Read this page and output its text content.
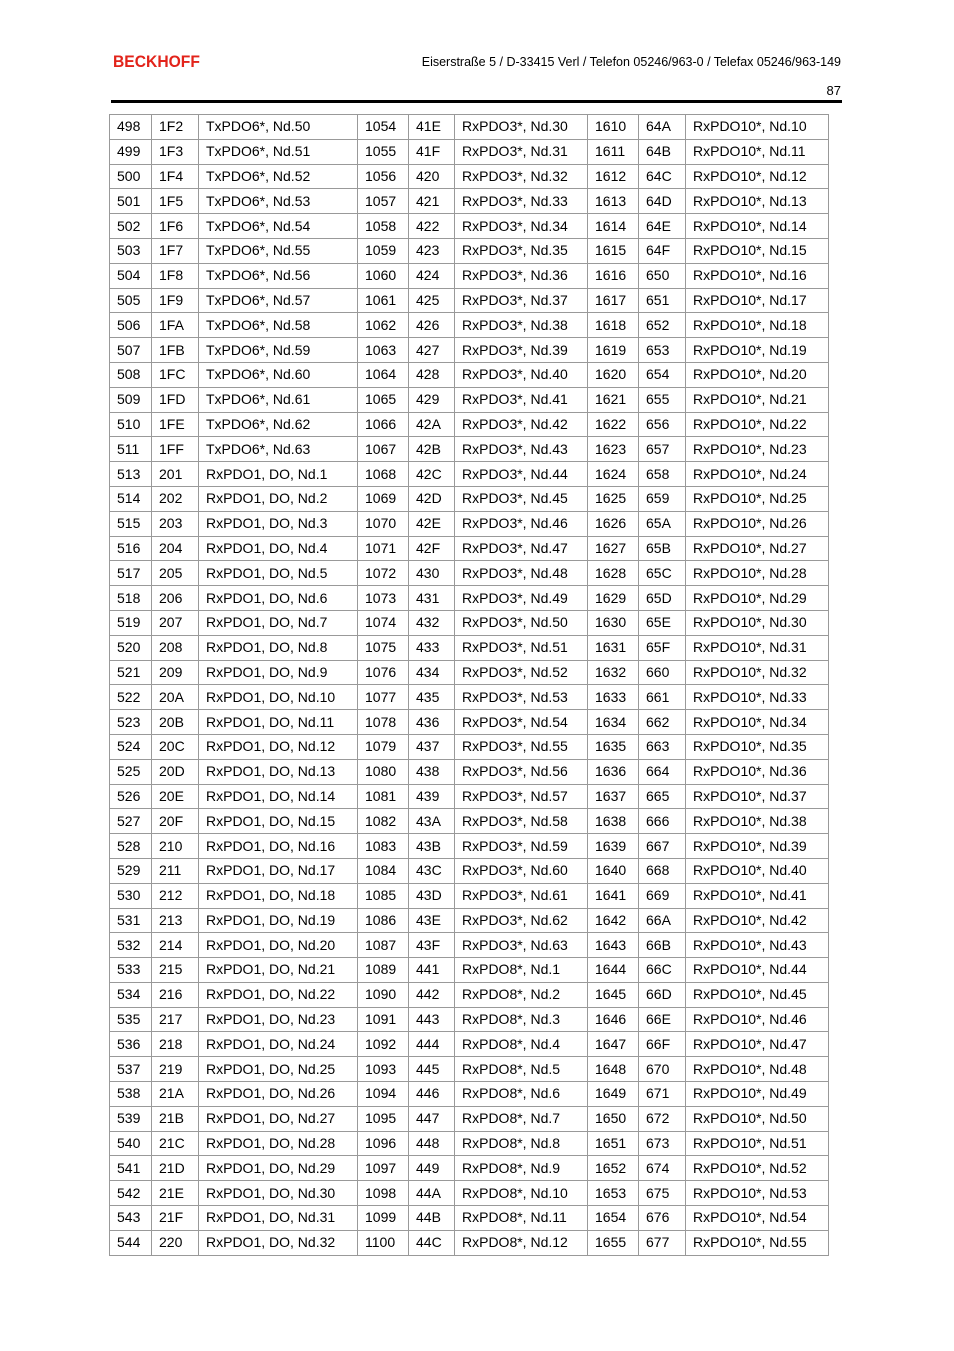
BECKHOFF	Eiserstraße 5 / D-33415 Verl / Telefon 05246/963-0 / Telefax 05246/963-149
87
498	1F2	TxPDO6*, Nd.50	1054	41E	RxPDO3*, Nd.30	1610	64A	RxPDO10*, Nd.10
499	1F3	TxPDO6*, Nd.51	1055	41F	RxPDO3*, Nd.31	1611	64B	RxPDO10*, Nd.11
500	1F4	TxPDO6*, Nd.52	1056	420	RxPDO3*, Nd.32	1612	64C	RxPDO10*, Nd.12
501	1F5	TxPDO6*, Nd.53	1057	421	RxPDO3*, Nd.33	1613	64D	RxPDO10*, Nd.13
502	1F6	TxPDO6*, Nd.54	1058	422	RxPDO3*, Nd.34	1614	64E	RxPDO10*, Nd.14
503	1F7	TxPDO6*, Nd.55	1059	423	RxPDO3*, Nd.35	1615	64F	RxPDO10*, Nd.15
504	1F8	TxPDO6*, Nd.56	1060	424	RxPDO3*, Nd.36	1616	650	RxPDO10*, Nd.16
505	1F9	TxPDO6*, Nd.57	1061	425	RxPDO3*, Nd.37	1617	651	RxPDO10*, Nd.17
506	1FA	TxPDO6*, Nd.58	1062	426	RxPDO3*, Nd.38	1618	652	RxPDO10*, Nd.18
507	1FB	TxPDO6*, Nd.59	1063	427	RxPDO3*, Nd.39	1619	653	RxPDO10*, Nd.19
508	1FC	TxPDO6*, Nd.60	1064	428	RxPDO3*, Nd.40	1620	654	RxPDO10*, Nd.20
509	1FD	TxPDO6*, Nd.61	1065	429	RxPDO3*, Nd.41	1621	655	RxPDO10*, Nd.21
510	1FE	TxPDO6*, Nd.62	1066	42A	RxPDO3*, Nd.42	1622	656	RxPDO10*, Nd.22
511	1FF	TxPDO6*, Nd.63	1067	42B	RxPDO3*, Nd.43	1623	657	RxPDO10*, Nd.23
513	201	RxPDO1, DO, Nd.1	1068	42C	RxPDO3*, Nd.44	1624	658	RxPDO10*, Nd.24
514	202	RxPDO1, DO, Nd.2	1069	42D	RxPDO3*, Nd.45	1625	659	RxPDO10*, Nd.25
515	203	RxPDO1, DO, Nd.3	1070	42E	RxPDO3*, Nd.46	1626	65A	RxPDO10*, Nd.26
516	204	RxPDO1, DO, Nd.4	1071	42F	RxPDO3*, Nd.47	1627	65B	RxPDO10*, Nd.27
517	205	RxPDO1, DO, Nd.5	1072	430	RxPDO3*, Nd.48	1628	65C	RxPDO10*, Nd.28
518	206	RxPDO1, DO, Nd.6	1073	431	RxPDO3*, Nd.49	1629	65D	RxPDO10*, Nd.29
519	207	RxPDO1, DO, Nd.7	1074	432	RxPDO3*, Nd.50	1630	65E	RxPDO10*, Nd.30
520	208	RxPDO1, DO, Nd.8	1075	433	RxPDO3*, Nd.51	1631	65F	RxPDO10*, Nd.31
521	209	RxPDO1, DO, Nd.9	1076	434	RxPDO3*, Nd.52	1632	660	RxPDO10*, Nd.32
522	20A	RxPDO1, DO, Nd.10	1077	435	RxPDO3*, Nd.53	1633	661	RxPDO10*, Nd.33
523	20B	RxPDO1, DO, Nd.11	1078	436	RxPDO3*, Nd.54	1634	662	RxPDO10*, Nd.34
524	20C	RxPDO1, DO, Nd.12	1079	437	RxPDO3*, Nd.55	1635	663	RxPDO10*, Nd.35
525	20D	RxPDO1, DO, Nd.13	1080	438	RxPDO3*, Nd.56	1636	664	RxPDO10*, Nd.36
526	20E	RxPDO1, DO, Nd.14	1081	439	RxPDO3*, Nd.57	1637	665	RxPDO10*, Nd.37
527	20F	RxPDO1, DO, Nd.15	1082	43A	RxPDO3*, Nd.58	1638	666	RxPDO10*, Nd.38
528	210	RxPDO1, DO, Nd.16	1083	43B	RxPDO3*, Nd.59	1639	667	RxPDO10*, Nd.39
529	211	RxPDO1, DO, Nd.17	1084	43C	RxPDO3*, Nd.60	1640	668	RxPDO10*, Nd.40
530	212	RxPDO1, DO, Nd.18	1085	43D	RxPDO3*, Nd.61	1641	669	RxPDO10*, Nd.41
531	213	RxPDO1, DO, Nd.19	1086	43E	RxPDO3*, Nd.62	1642	66A	RxPDO10*, Nd.42
532	214	RxPDO1, DO, Nd.20	1087	43F	RxPDO3*, Nd.63	1643	66B	RxPDO10*, Nd.43
533	215	RxPDO1, DO, Nd.21	1089	441	RxPDO8*, Nd.1	1644	66C	RxPDO10*, Nd.44
534	216	RxPDO1, DO, Nd.22	1090	442	RxPDO8*, Nd.2	1645	66D	RxPDO10*, Nd.45
535	217	RxPDO1, DO, Nd.23	1091	443	RxPDO8*, Nd.3	1646	66E	RxPDO10*, Nd.46
536	218	RxPDO1, DO, Nd.24	1092	444	RxPDO8*, Nd.4	1647	66F	RxPDO10*, Nd.47
537	219	RxPDO1, DO, Nd.25	1093	445	RxPDO8*, Nd.5	1648	670	RxPDO10*, Nd.48
538	21A	RxPDO1, DO, Nd.26	1094	446	RxPDO8*, Nd.6	1649	671	RxPDO10*, Nd.49
539	21B	RxPDO1, DO, Nd.27	1095	447	RxPDO8*, Nd.7	1650	672	RxPDO10*, Nd.50
540	21C	RxPDO1, DO, Nd.28	1096	448	RxPDO8*, Nd.8	1651	673	RxPDO10*, Nd.51
541	21D	RxPDO1, DO, Nd.29	1097	449	RxPDO8*, Nd.9	1652	674	RxPDO10*, Nd.52
542	21E	RxPDO1, DO, Nd.30	1098	44A	RxPDO8*, Nd.10	1653	675	RxPDO10*, Nd.53
543	21F	RxPDO1, DO, Nd.31	1099	44B	RxPDO8*, Nd.11	1654	676	RxPDO10*, Nd.54
544	220	RxPDO1, DO, Nd.32	1100	44C	RxPDO8*, Nd.12	1655	677	RxPDO10*, Nd.55
